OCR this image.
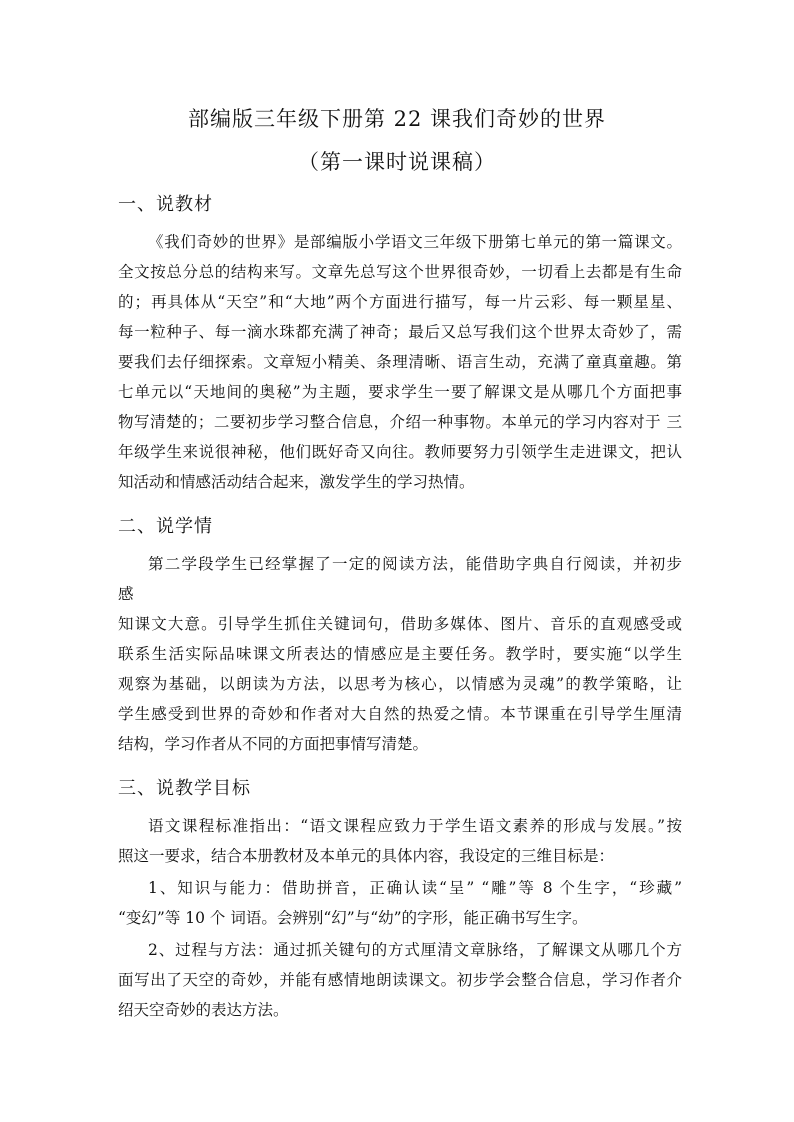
部编版三年级下册第 22 课我们奇妙的世界
（第一课时说课稿）
一、说教材
《我们奇妙的世界》是部编版小学语文三年级下册第七单元的第一篇课文。
全文按总分总的结构来写。文章先总写这个世界很奇妙，一切看上去都是有生命
的；再具体从“天空”和“大地”两个方面进行描写，每一片云彩、每一颗星星、
每一粒种子、每一滴水珠都充满了神奇；最后又总写我们这个世界太奇妙了，需
要我们去仔细探索。文章短小精美、条理清晰、语言生动，充满了童真童趣。第
七单元以“天地间的奥秘”为主题，要求学生一要了解课文是从哪几个方面把事
物写清楚的；二要初步学习整合信息，介绍一种事物。本单元的学习内容对于 三
年级学生来说很神秘，他们既好奇又向往。教师要努力引领学生走进课文，把认
知活动和情感活动结合起来，激发学生的学习热情。
二、说学情
第二学段学生已经掌握了一定的阅读方法，能借助字典自行阅读，并初步
感
知课文大意。引导学生抓住关键词句，借助多媒体、图片、音乐的直观感受或
联系生活实际品味课文所表达的情感应是主要任务。教学时，要实施“以学生
观察为基础，以朗读为方法，以思考为核心，以情感为灵魂”的教学策略，让
学生感受到世界的奇妙和作者对大自然的热爱之情。本节课重在引导学生厘清
结构，学习作者从不同的方面把事情写清楚。
三、说教学目标
语文课程标准指出：“语文课程应致力于学生语文素养的形成与发展。”按
照这一要求，结合本册教材及本单元的具体内容，我设定的三维目标是：
1、知识与能力：借助拼音，正确认读“呈” “雕”等 8 个生字，“珍藏”
“变幻”等 10 个 词语。会辨别“幻”与“幼”的字形，能正确书写生字。
2、过程与方法：通过抓关键句的方式厘清文章脉络，了解课文从哪几个方
面写出了天空的奇妙，并能有感情地朗读课文。初步学会整合信息，学习作者介
绍天空奇妙的表达方法。
